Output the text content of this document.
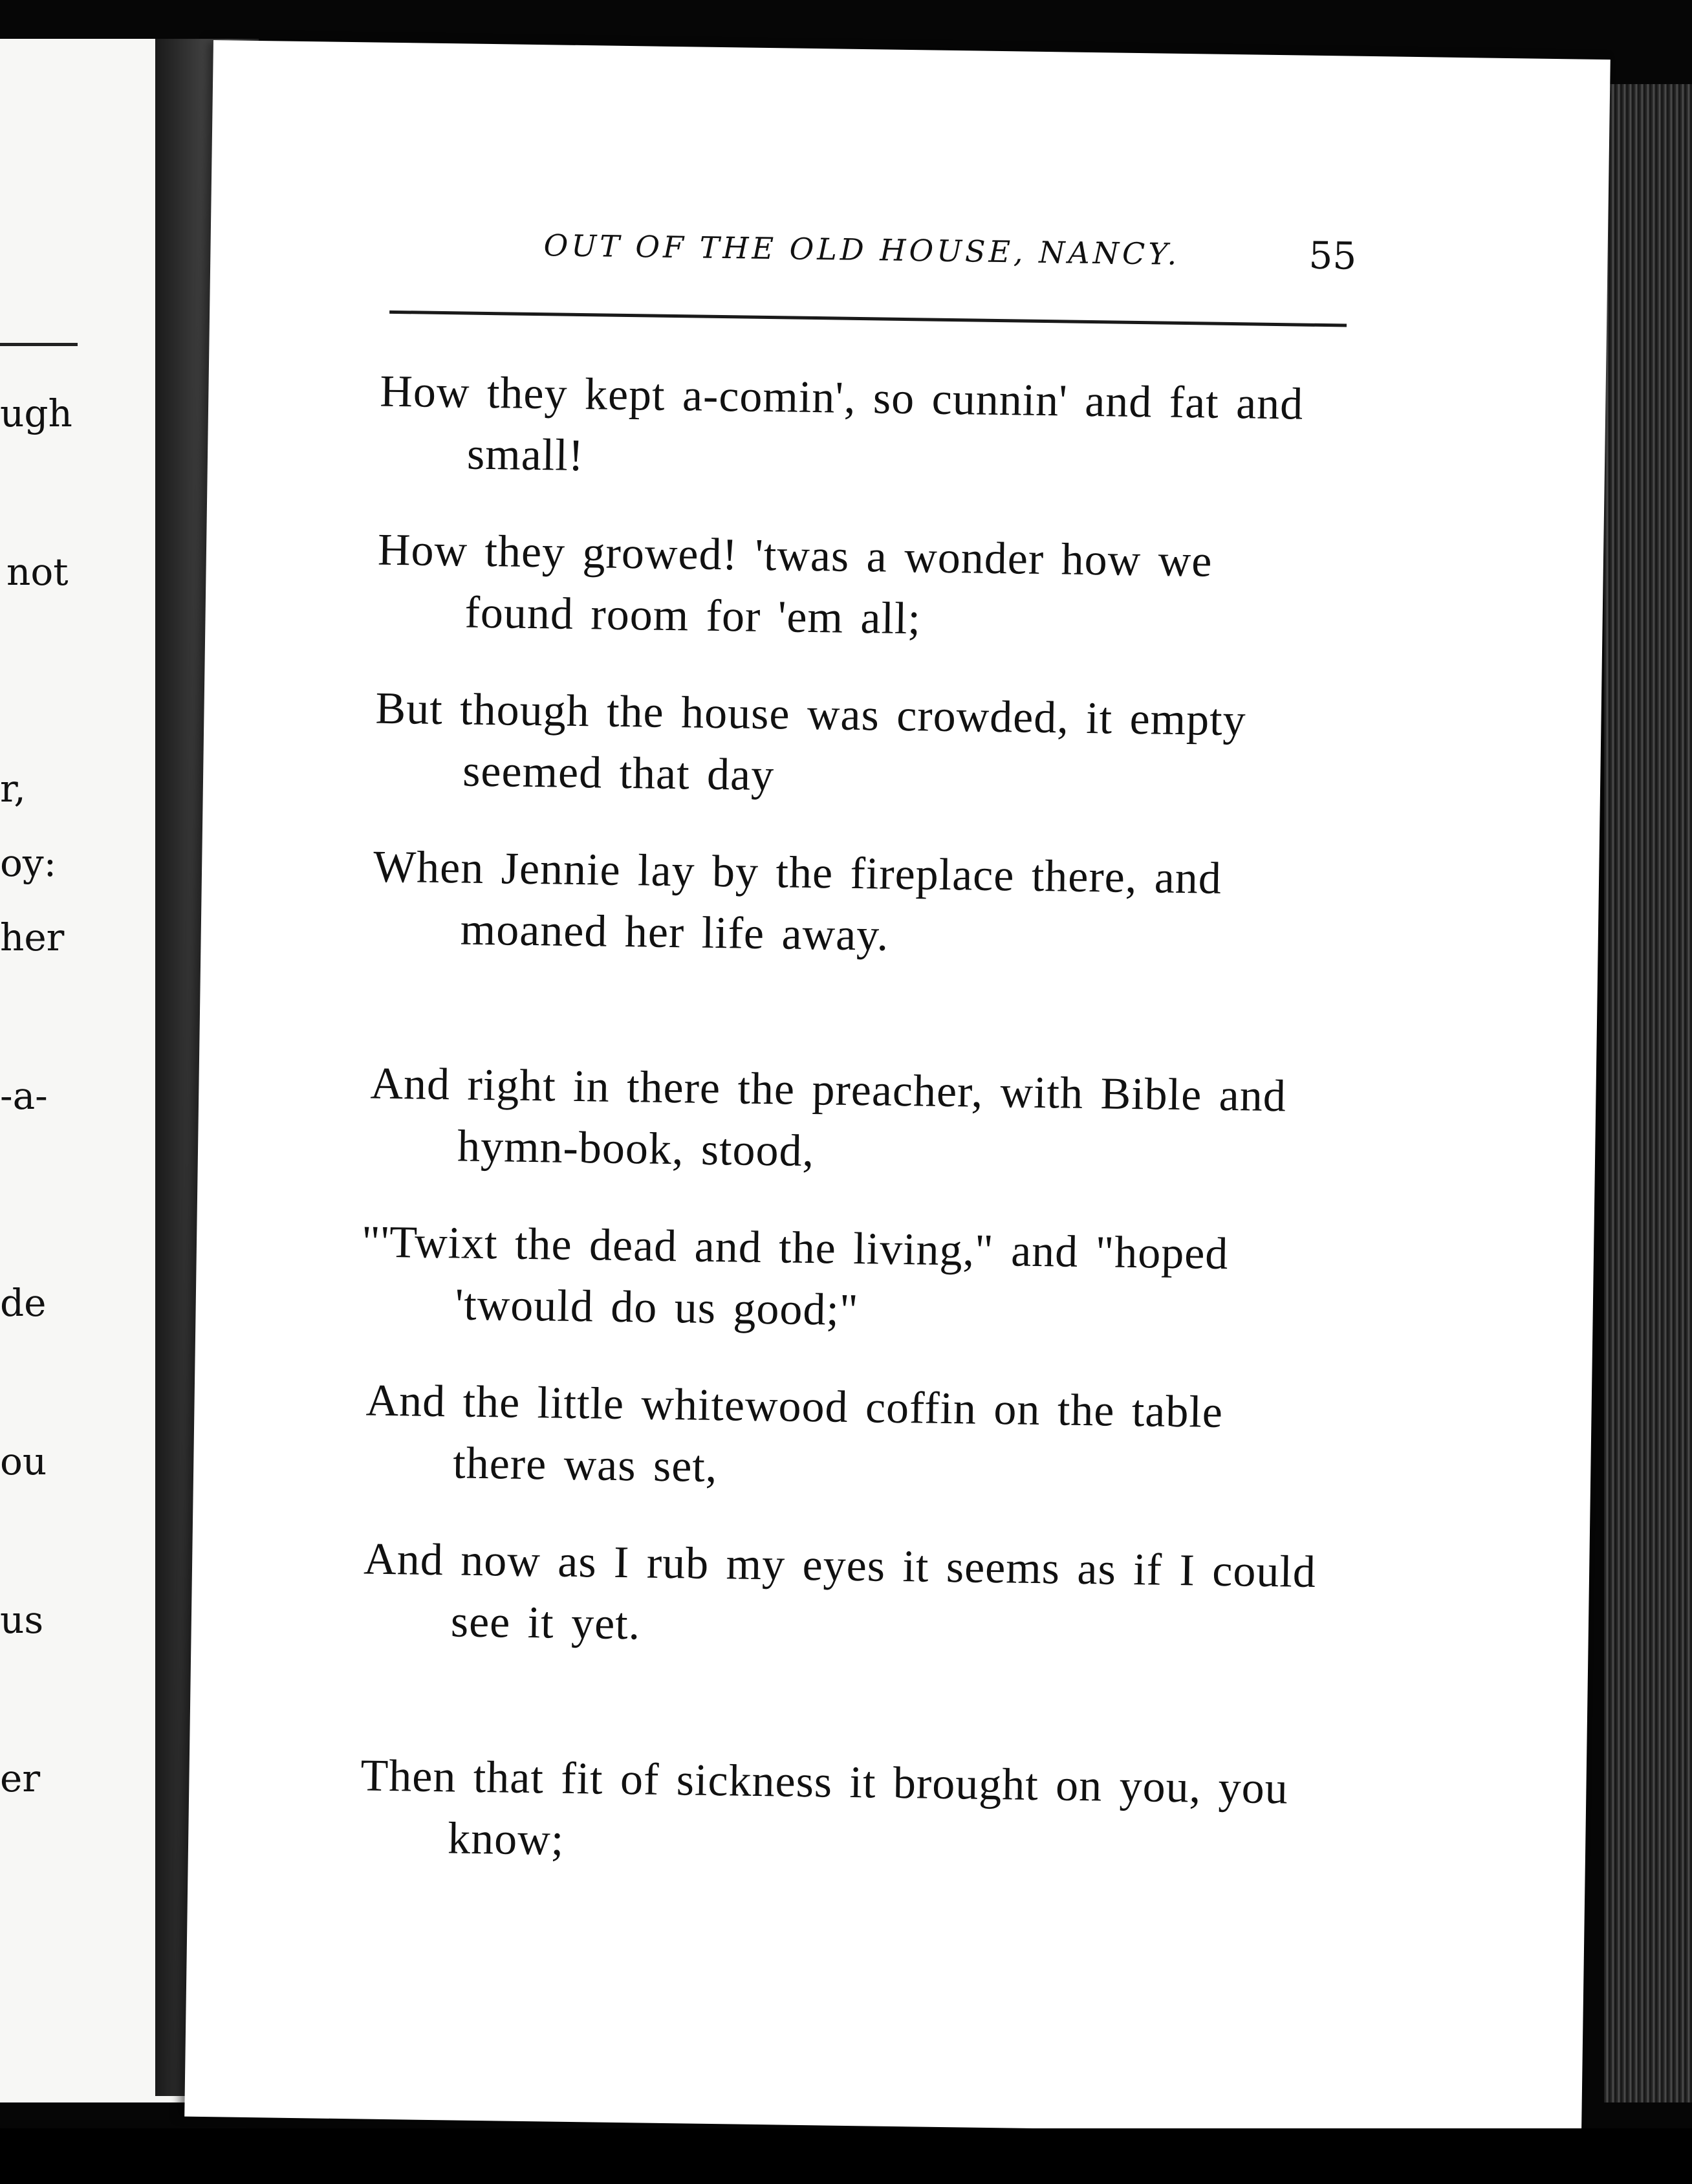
ugh
not
r,
oy:
her
-a-
de
ou
us
er
OUT OF THE OLD HOUSE, NANCY.	55
How they kept a-comin', so cunnin' and fat and
small!
How they growed! 'twas a wonder how we
found room for 'em all;
But though the house was crowded, it empty
seemed that day
When Jennie lay by the fireplace there, and
moaned her life away.
And right in there the preacher, with Bible and
hymn-book, stood,
"'Twixt the dead and the living," and "hoped
'twould do us good;"
And the little whitewood coffin on the table
there was set,
And now as I rub my eyes it seems as if I could
see it yet.
Then that fit of sickness it brought on you, you
know;
